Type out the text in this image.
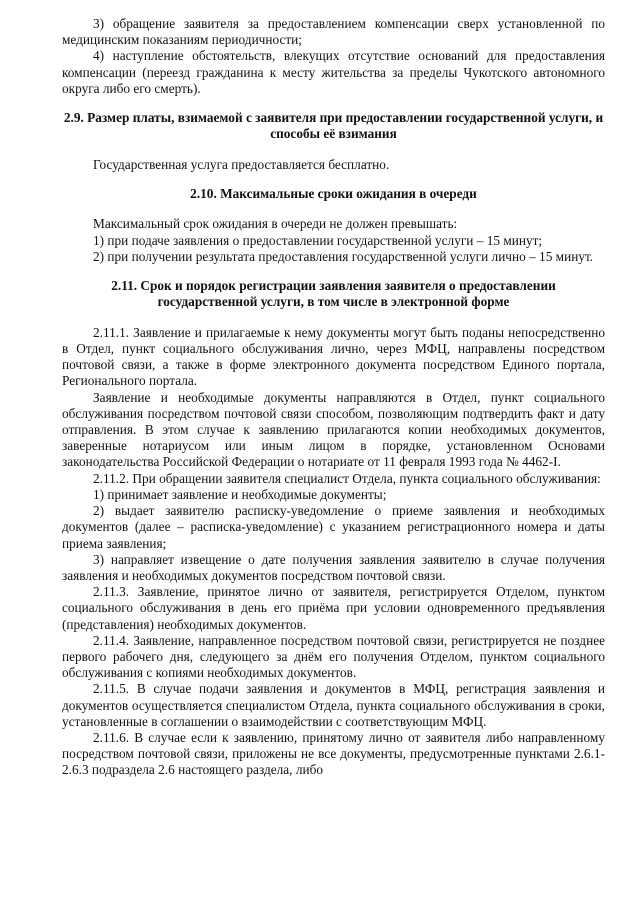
3) обращение заявителя за предоставлением компенсации сверх установленной по медицинским показаниям периодичности;

4) наступление обстоятельств, влекущих отсутствие оснований для предоставления компенсации (переезд гражданина к месту жительства за пределы Чукотского автономного округа либо его смерть).

2.9. Размер платы, взимаемой с заявителя при предоставлении государственной услуги, и способы её взимания

Государственная услуга предоставляется бесплатно.

2.10. Максимальные сроки ожидания в очереди

Максимальный срок ожидания в очереди не должен превышать:

1) при подаче заявления о предоставлении государственной услуги – 15 минут;

2) при получении результата предоставления государственной услуги лично – 15 минут.

2.11. Срок и порядок регистрации заявления заявителя о предоставлении государственной услуги, в том числе в электронной форме

2.11.1. Заявление и прилагаемые к нему документы могут быть поданы непосредственно в Отдел, пункт социального обслуживания лично, через МФЦ, направлены посредством почтовой связи, а также в форме электронного документа посредством Единого портала, Регионального портала.

Заявление и необходимые документы направляются в Отдел, пункт социального обслуживания посредством почтовой связи способом, позволяющим подтвердить факт и дату отправления. В этом случае к заявлению прилагаются копии необходимых документов, заверенные нотариусом или иным лицом в порядке, установленном Основами законодательства Российской Федерации о нотариате от 11 февраля 1993 года № 4462-I.

2.11.2. При обращении заявителя специалист Отдела, пункта социального обслуживания:

1) принимает заявление и необходимые документы;

2) выдает заявителю расписку-уведомление о приеме заявления и необходимых документов (далее – расписка-уведомление) с указанием регистрационного номера и даты приема заявления;

3) направляет извещение о дате получения заявления заявителю в случае получения заявления и необходимых документов посредством почтовой связи.

2.11.3. Заявление, принятое лично от заявителя, регистрируется Отделом, пунктом социального обслуживания в день его приёма при условии одновременного предъявления (представления) необходимых документов.

2.11.4. Заявление, направленное посредством почтовой связи, регистрируется не позднее первого рабочего дня, следующего за днём его получения Отделом, пунктом социального обслуживания с копиями необходимых документов.

2.11.5. В случае подачи заявления и документов в МФЦ, регистрация заявления и документов осуществляется специалистом Отдела, пункта социального обслуживания в сроки, установленные в соглашении о взаимодействии с соответствующим МФЦ.

2.11.6. В случае если к заявлению, принятому лично от заявителя либо направленному посредством почтовой связи, приложены не все документы, предусмотренные пунктами 2.6.1-2.6.3 подраздела 2.6 настоящего раздела, либо
